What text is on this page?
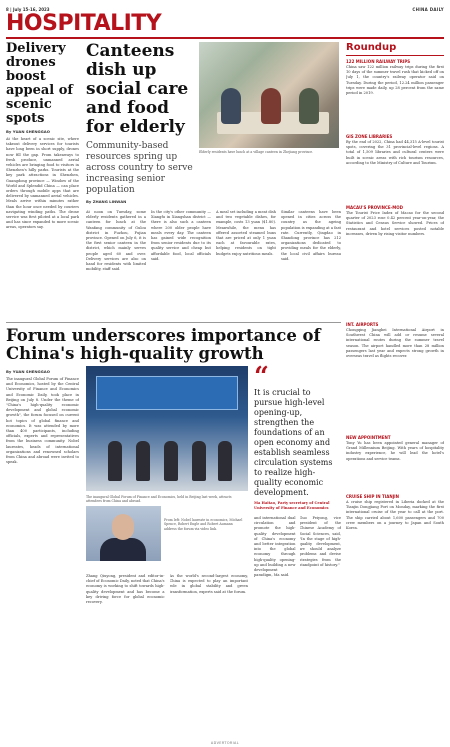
8 | July 15-16, 2023	CHINA DAILY
HOSPITALITY
Delivery drones boost appeal of scenic spots
By YUAN SHENGGAO

At the heart of a scenic site, where takeout delivery services for tourists have long been in short supply, drones now fill the gap. From takeaways to fresh produce, unmanned aerial vehicles are bringing food to visitors in Shenzhen's hilly parks. Tourists at the key park attractions in Shenzhen, Guangdong province — Window of the World and Splendid China — can place orders through mobile apps that are delivered by unmanned aerial vehicles. Meals arrive within minutes rather than the hour once needed by couriers navigating winding paths. The drone service was first piloted at a local park and has since expanded to more scenic areas, operators say.

Canteens dish up social care and food for elderly
Community-based resources spring up across country to serve increasing senior population
By ZHANG LINWAN
Elderly residents have lunch at a village canteen in Zhejiang province.

At noon on Tuesday, some elderly residents gathered in a canteen for lunch at the Wanfang community of Gulou district in Fuzhou, Fujian province. Opened on July 6, it is the first senior canteen in the district, which mainly serves people aged 60 and over. Delivery services are also on hand for residents with limited mobility, staff said.

In the city's other community — Xiangfu in Xiangshan district — there is also such a canteen where 200 older people have meals every day. The canteen has gained wide recognition from senior residents due to its quality service and cheap but affordable food, local officials said.

A meal set including a meat dish and two vegetable dishes, for example, costs 13 yuan ($1.80). Meanwhile, the menu has offered assorted steamed buns that are priced at only 1 yuan each at favourable rates, helping residents on tight budgets enjoy nutritious meals.

Similar canteens have been opened in cities across the country as the ageing population is expanding at a fast rate. Currently, Qingdao in Shandong province has 212 organizations dedicated to providing meals for the elderly, the local civil affairs bureau said.

Forum underscores importance of China's high-quality growth
By YUAN SHENGGAO

The inaugural Global Forum of Finance and Economics, hosted by the Central University of Finance and Economics and Economic Daily, took place in Beijing on July 8. Under the theme of "China's high-quality economic development and global economic growth", the forum focused on current hot topics of global finance and economics. It was attended by more than 400 participants, including officials, experts and representatives from the business community. Nobel laureates, heads of international organizations and renowned scholars from China and abroad were invited to speak.

The inaugural Global Forum of Finance and Economics, held in Beijing last week, attracts attendees from China and abroad.
From left: Nobel laureate in economics, Michael Spence, Robert Engle and Robert Aumann address the forum via video link.

Zhang Qiuyong, president and editor-in-chief of Economic Daily, noted that China's economy is working to shift towards high-quality development and has become a key driving force for global economic recovery.

As the world's second-largest economy, China is expected to play an important role in global stability and green transformation, experts said at the forum.

“
It is crucial to pursue high-level opening-up, strengthen the foundations of an open economy and establish seamless circulation systems to realize high-quality economic development.
Ma Haitao, Party secretary of Central University of Finance and Economics

and international dual circulation and promote the high-quality development of China's economy and better integration into the global economy through high-quality opening-up and building a new development paradigm, Ma said.

Guo Peiyong, vice president of the Chinese Academy of Social Sciences, said, "In the stage of high-quality development, we should analyze problems and devise strategies from the standpoint of history."

Roundup
122 MILLION RAILWAY TRIPS

China saw 122 million railway trips during the first 10 days of the summer travel rush that kicked off on July 1, the country's railway operator said on Tuesday. During the period, 12.24 million passenger trips were made daily, up 28 percent from the same period in 2019.

GIS ZONE LIBRARIES

By the end of 2022, China had 44,315 A-level tourist spots, covering the 31 provincial-level regions. A total of 1,509 libraries and cultural centers were built in scenic areas with rich tourism resources, according to the Ministry of Culture and Tourism.

MACAU'S PROVINCE-MOD

The Tourist Price Index of Macao for the second quarter of 2023 rose 0.42 percent year-on-year, the Statistics and Census Service showed. Prices of restaurant and hotel services posted notable increases, driven by rising visitor numbers.

INT. AIRPORTS

Chongqing Jiangbei International Airport in Southwest China will add or resume several international routes during the summer travel season. The airport handled more than 28 million passengers last year and expects strong growth in overseas travel as flights recover.

NEW APPOINTMENT

Tony Yu has been appointed general manager of Grand Millennium Beijing. With years of hospitality industry experience, he will lead the hotel's operations and service teams.

CRUISE SHIP IN TIANJIN

A cruise ship registered in Liberia docked at the Tianjin Dongjiang Port on Monday, marking the first international cruise of the year to call at the port. The ship carried about 1,600 passengers and 700 crew members on a journey to Japan and South Korea.

ADVERTORIAL
